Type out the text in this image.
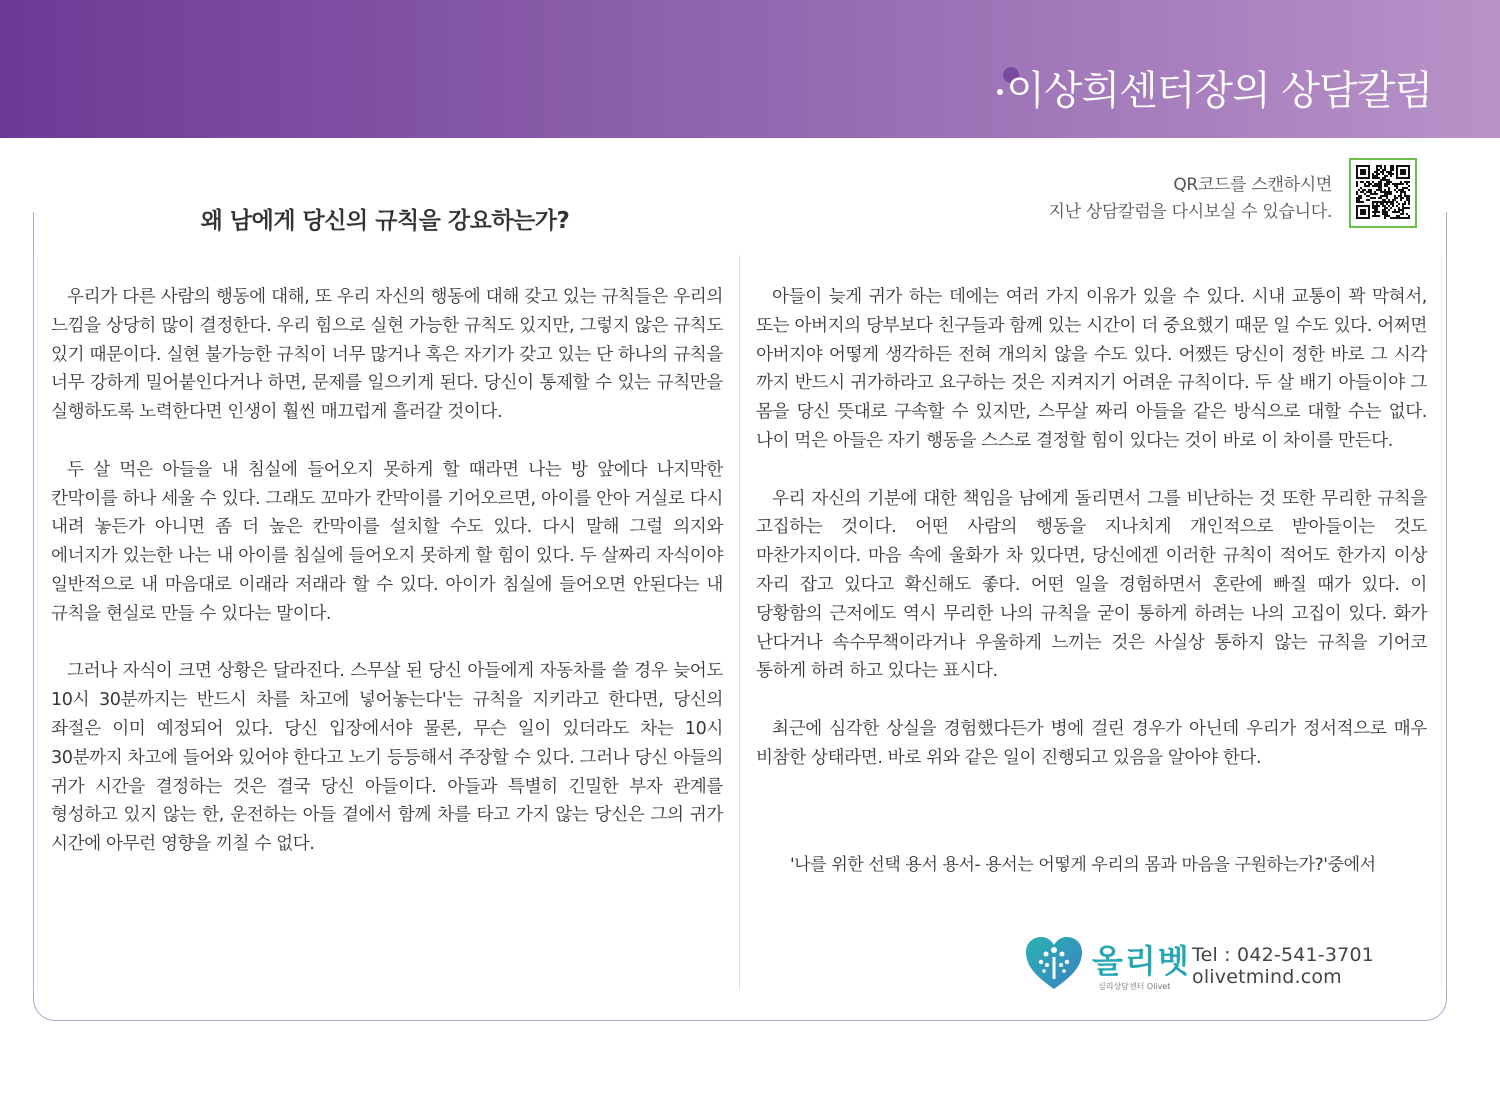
이상희센터장의 상담칼럼
왜 남에게 당신의 규칙을 강요하는가?
QR코드를 스캔하시면
지난 상담칼럼을 다시보실 수 있습니다.

우리가 다른 사람의 행동에 대해, 또 우리 자신의 행동에 대해 갖고 있는 규칙들은 우리의 느낌을 상당히 많이 결정한다. 우리 힘으로 실현 가능한 규칙도 있지만, 그렇지 않은 규칙도 있기 때문이다. 실현 불가능한 규칙이 너무 많거나 혹은 자기가 갖고 있는 단 하나의 규칙을 너무 강하게 밀어붙인다거나 하면, 문제를 일으키게 된다. 당신이 통제할 수 있는 규칙만을 실행하도록 노력한다면 인생이 훨씬 매끄럽게 흘러갈 것이다.

두 살 먹은 아들을 내 침실에 들어오지 못하게 할 때라면 나는 방 앞에다 나지막한 칸막이를 하나 세울 수 있다. 그래도 꼬마가 칸막이를 기어오르면, 아이를 안아 거실로 다시 내려 놓든가 아니면 좀 더 높은 칸막이를 설치할 수도 있다. 다시 말해 그럴 의지와 에너지가 있는한 나는 내 아이를 침실에 들어오지 못하게 할 힘이 있다. 두 살짜리 자식이야 일반적으로 내 마음대로 이래라 저래라 할 수 있다. 아이가 침실에 들어오면 안된다는 내 규칙을 현실로 만들 수 있다는 말이다.

그러나 자식이 크면 상황은 달라진다. 스무살 된 당신 아들에게 자동차를 쓸 경우 늦어도 10시 30분까지는 반드시 차를 차고에 넣어놓는다'는 규칙을 지키라고 한다면, 당신의 좌절은 이미 예정되어 있다. 당신 입장에서야 물론, 무슨 일이 있더라도 차는 10시 30분까지 차고에 들어와 있어야 한다고 노기 등등해서 주장할 수 있다. 그러나 당신 아들의 귀가 시간을 결정하는 것은 결국 당신 아들이다. 아들과 특별히 긴밀한 부자 관계를 형성하고 있지 않는 한, 운전하는 아들 곁에서 함께 차를 타고 가지 않는 당신은 그의 귀가 시간에 아무런 영향을 끼칠 수 없다.

아들이 늦게 귀가 하는 데에는 여러 가지 이유가 있을 수 있다. 시내 교통이 꽉 막혀서, 또는 아버지의 당부보다 친구들과 함께 있는 시간이 더 중요했기 때문 일 수도 있다. 어쩌면 아버지야 어떻게 생각하든 전혀 개의치 않을 수도 있다. 어쨌든 당신이 정한 바로 그 시각 까지 반드시 귀가하라고 요구하는 것은 지켜지기 어려운 규칙이다. 두 살 배기 아들이야 그 몸을 당신 뜻대로 구속할 수 있지만, 스무살 짜리 아들을 같은 방식으로 대할 수는 없다. 나이 먹은 아들은 자기 행동을 스스로 결정할 힘이 있다는 것이 바로 이 차이를 만든다.

우리 자신의 기분에 대한 책임을 남에게 돌리면서 그를 비난하는 것 또한 무리한 규칙을 고집하는 것이다. 어떤 사람의 행동을 지나치게 개인적으로 받아들이는 것도 마찬가지이다. 마음 속에 울화가 차 있다면, 당신에겐 이러한 규칙이 적어도 한가지 이상 자리 잡고 있다고 확신해도 좋다. 어떤 일을 경험하면서 혼란에 빠질 때가 있다. 이 당황함의 근저에도 역시 무리한 나의 규칙을 굳이 통하게 하려는 나의 고집이 있다. 화가 난다거나 속수무책이라거나 우울하게 느끼는 것은 사실상 통하지 않는 규칙을 기어코 통하게 하려 하고 있다는 표시다.

최근에 심각한 상실을 경험했다든가 병에 걸린 경우가 아닌데 우리가 정서적으로 매우 비참한 상태라면. 바로 위와 같은 일이 진행되고 있음을 알아야 한다.

'나를 위한 선택 용서 용서- 용서는 어떻게 우리의 몸과 마음을 구원하는가?'중에서
올리벳
심리상담센터 Olivet
Tel : 042-541-3701
olivetmind.com
